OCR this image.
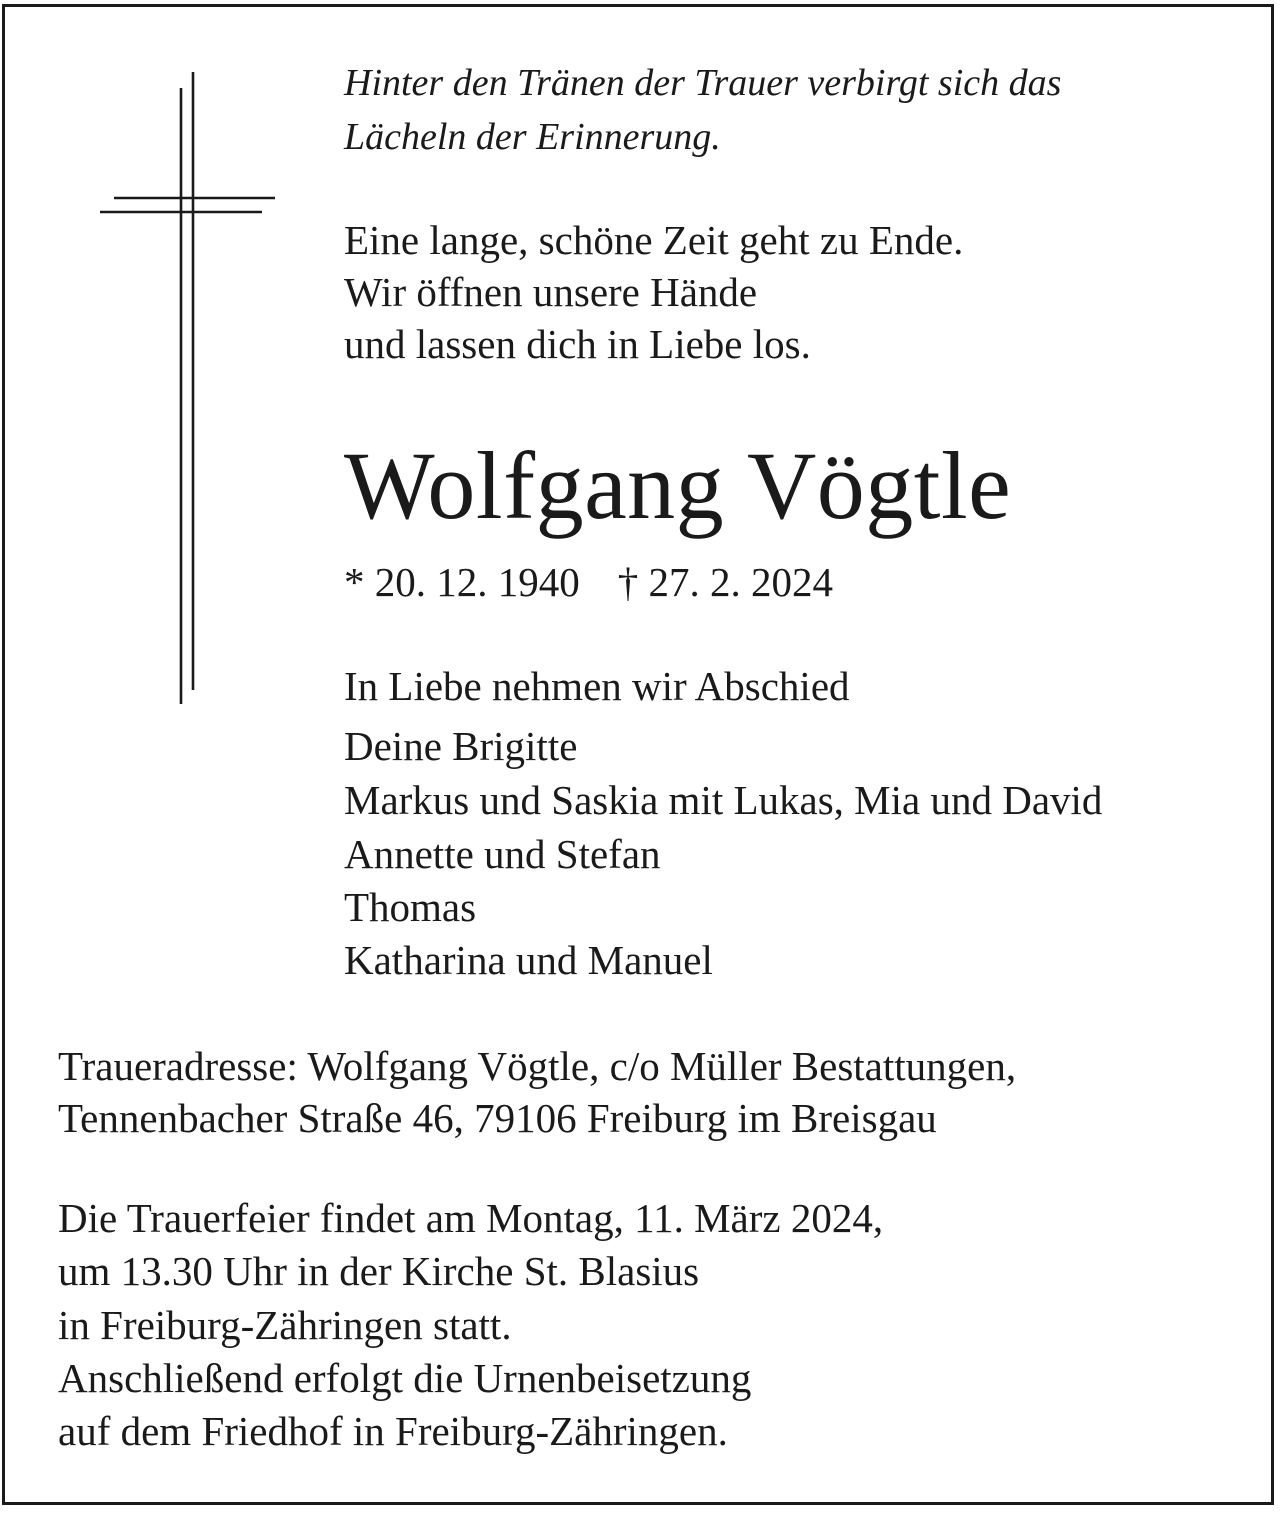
Hinter den Tränen der Trauer verbirgt sich das

Lächeln der Erinnerung.

Eine lange, schöne Zeit geht zu Ende.

Wir öffnen unsere Hände

und lassen dich in Liebe los.

Wolfgang Vögtle

* 20. 12. 1940 † 27. 2. 2024

In Liebe nehmen wir Abschied

Deine Brigitte

Markus und Saskia mit Lukas, Mia und David

Annette und Stefan

Thomas

Katharina und Manuel

Traueradresse: Wolfgang Vögtle, c/o Müller Bestattungen,

Tennenbacher Straße 46, 79106 Freiburg im Breisgau

Die Trauerfeier findet am Montag, 11. März 2024,

um 13.30 Uhr in der Kirche St. Blasius

in Freiburg-Zähringen statt.

Anschließend erfolgt die Urnenbeisetzung

auf dem Friedhof in Freiburg-Zähringen.
